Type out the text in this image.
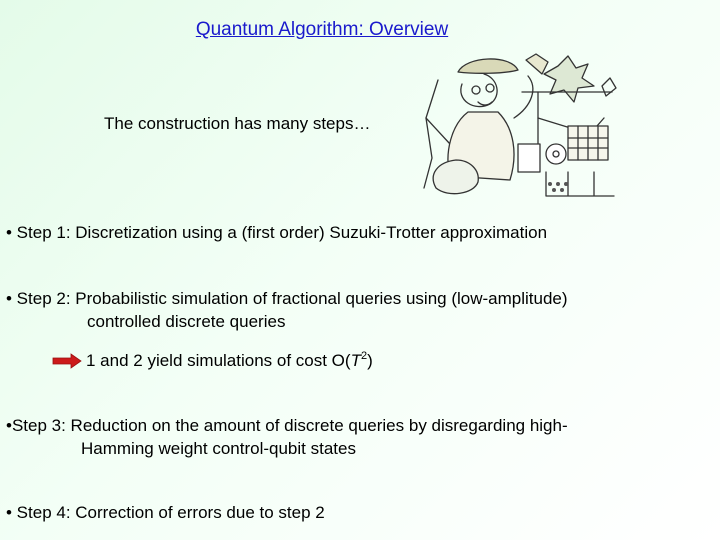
Quantum Algorithm: Overview
The construction has many steps…
• Step 1: Discretization using a (first order) Suzuki-Trotter approximation
• Step 2: Probabilistic simulation of fractional queries using (low-amplitude)
controlled discrete queries
1 and 2 yield simulations of cost $O(T^2)$
•Step 3: Reduction on the amount of discrete queries by disregarding high-
Hamming weight control-qubit states
• Step 4: Correction of errors due to step 2
